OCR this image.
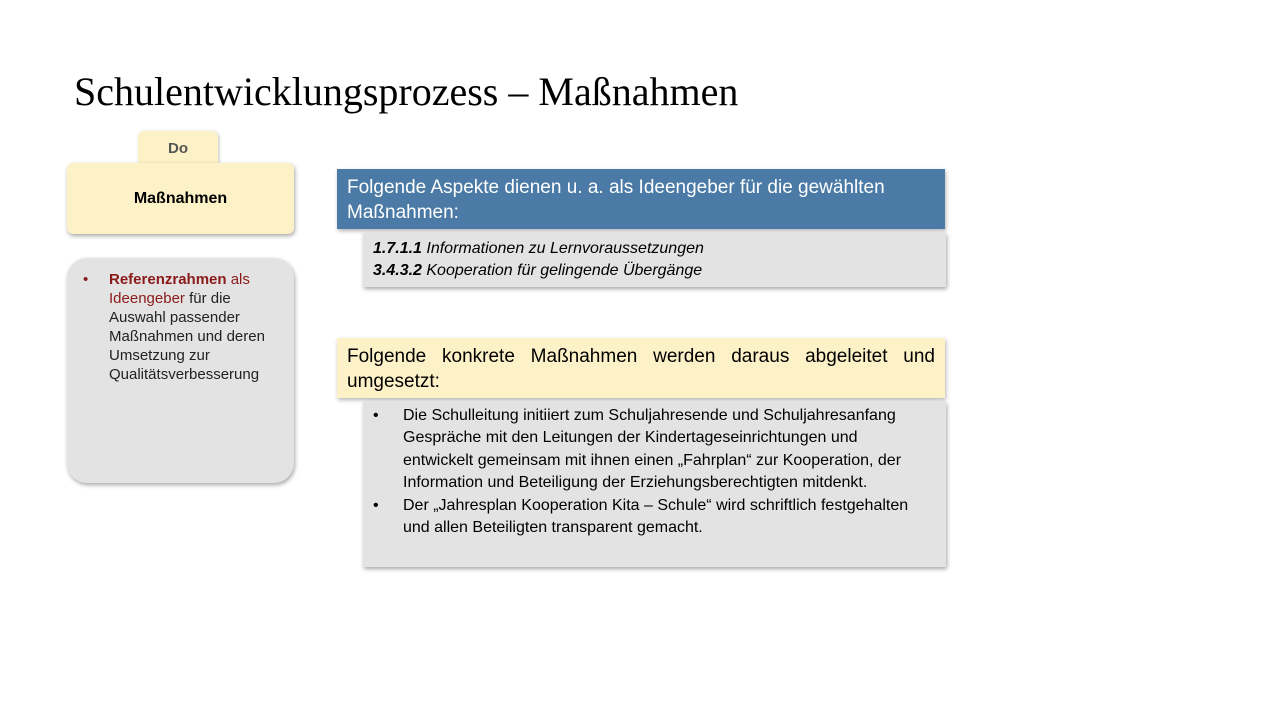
Schulentwicklungsprozess – Maßnahmen
Do
Maßnahmen
•	Referenzrahmen als Ideengeber für die Auswahl passender Maßnahmen und deren Umsetzung zur Qualitätsverbesserung
Folgende Aspekte dienen u. a. als Ideengeber für die gewählten Maßnahmen:
1.7.1.1 Informationen zu Lernvoraussetzungen
3.4.3.2 Kooperation für gelingende Übergänge
Folgende konkrete Maßnahmen werden daraus abgeleitet und umgesetzt:
•	Die Schulleitung initiiert zum Schuljahresende und Schuljahresanfang Gespräche mit den Leitungen der Kindertageseinrichtungen und entwickelt gemeinsam mit ihnen einen „Fahrplan“ zur Kooperation, der Information und Beteiligung der Erziehungsberechtigten mitdenkt.
•	Der „Jahresplan Kooperation Kita – Schule“ wird schriftlich festgehalten und allen Beteiligten transparent gemacht.
